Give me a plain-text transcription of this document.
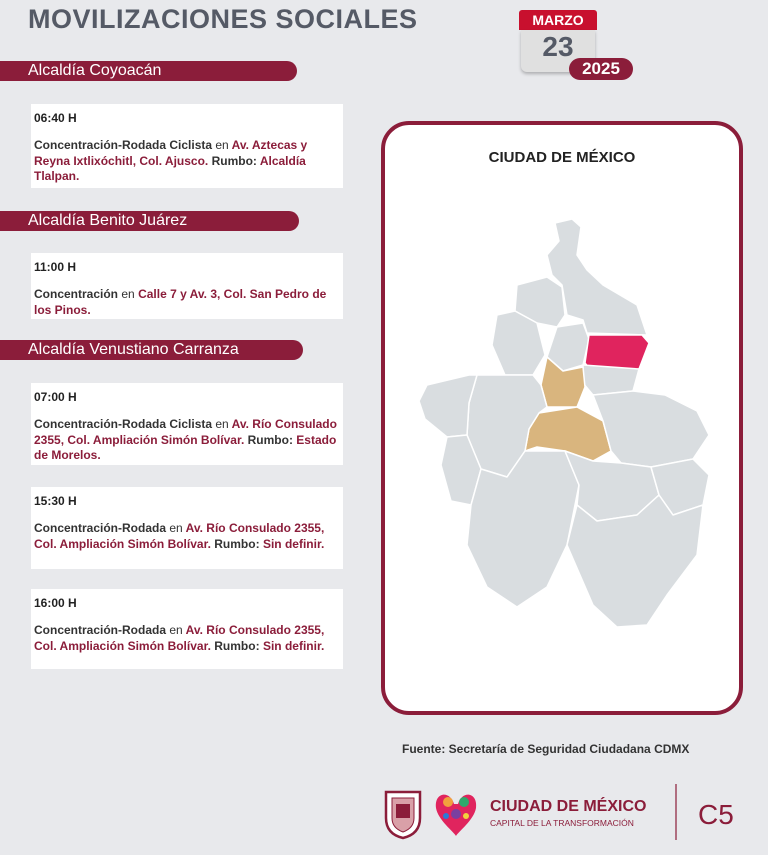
MOVILIZACIONES SOCIALES	MARZO
23
2025
Alcaldía Coyoacán
06:40 H
Concentración-Rodada Ciclista en Av. Aztecas y Reyna Ixtlixóchitl, Col. Ajusco. Rumbo: Alcaldía Tlalpan.
Alcaldía Benito Juárez
11:00 H
Concentración en Calle 7 y Av. 3, Col. San Pedro de los Pinos.
Alcaldía Venustiano Carranza
07:00 H
Concentración-Rodada Ciclista en Av. Río Consulado 2355, Col. Ampliación Simón Bolívar. Rumbo: Estado de Morelos.
15:30 H
Concentración-Rodada en Av. Río Consulado 2355, Col. Ampliación Simón Bolívar. Rumbo: Sin definir.
16:00 H
Concentración-Rodada en Av. Río Consulado 2355, Col. Ampliación Simón Bolívar. Rumbo: Sin definir.
CIUDAD DE MÉXICO
Fuente: Secretaría de Seguridad Ciudadana CDMX
CIUDAD DE MÉXICO
CAPITAL DE LA TRANSFORMACIÓN C5
